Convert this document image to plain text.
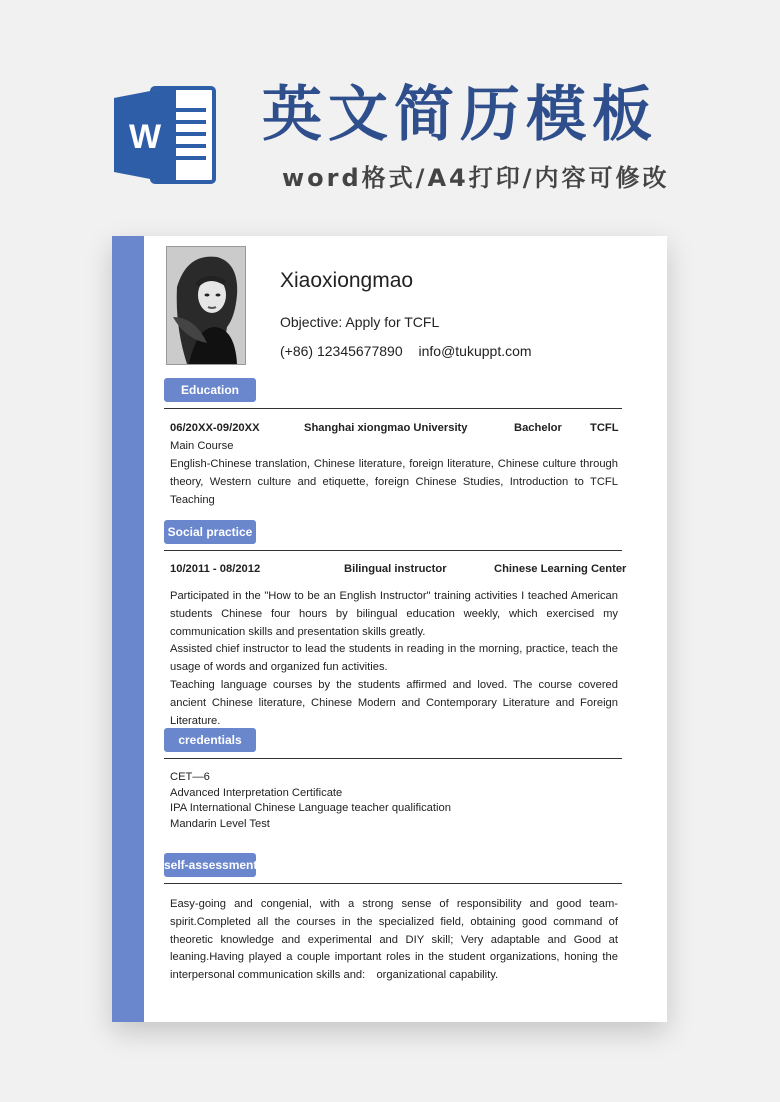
W 英文简历模板
word格式/A4打印/内容可修改
Xiaoxiongmao
Objective: Apply for TCFL
(+86) 12345677890 info@tukuppt.com
Education
06/20XX-09/20XX	Shanghai xiongmao University	Bachelor	TCFL
Main Course
English-Chinese translation, Chinese literature, foreign literature, Chinese culture through theory, Western culture and etiquette, foreign Chinese Studies, Introduction to TCFL Teaching
Social practice
10/2011 - 08/2012	Bilingual instructor	Chinese Learning Center
Participated in the "How to be an English Instructor" training activities I teached American students Chinese four hours by bilingual education weekly, which exercised my communication skills and presentation skills greatly.
Assisted chief instructor to lead the students in reading in the morning, practice, teach the usage of words and organized fun activities.
Teaching language courses by the students affirmed and loved. The course covered ancient Chinese literature, Chinese Modern and Contemporary Literature and Foreign Literature.
credentials
CET—6
Advanced Interpretation Certificate
IPA International Chinese Language teacher qualification
Mandarin Level Test
self-assessment
Easy-going and congenial, with a strong sense of responsibility and good team-spirit.Completed all the courses in the specialized field, obtaining good command of theoretic knowledge and experimental and DIY skill; Very adaptable and Good at leaning.Having played a couple important roles in the student organizations, honing the interpersonal communication skills and:　organizational capability.
